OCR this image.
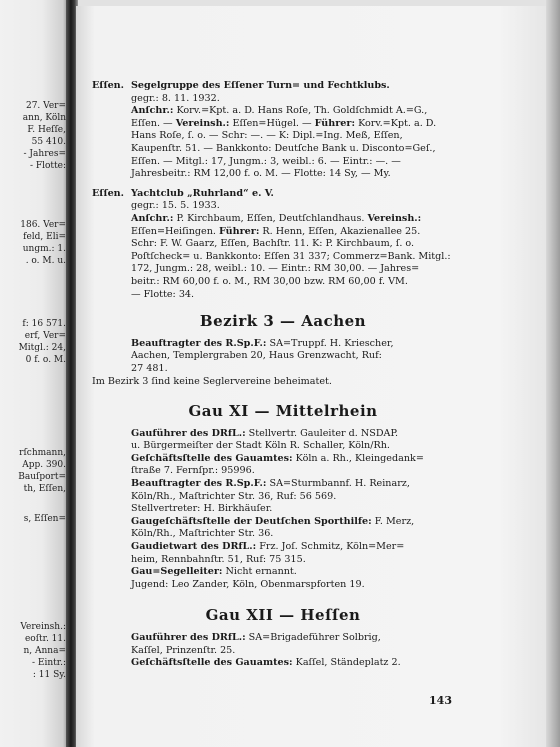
27. Ver=
ann, Köln
F. Heſſe,
55 410.
- Jahres=
- Flotte:
186. Ver=
feld, Eli=
ungm.: 1.
. o. M. u.
f: 16 571.
erf, Ver=
Mitgl.: 24,
0 f. o. M.
rſchmann,
App. 390.
Bauſport=
th, Eſſen,
s, Eſſen=
Vereinsh.:
eoſtr. 11.
n, Anna=
- Eintr.:
: 11 Sy.
Eſſen. Segelgruppe des Eſſener Turn= und Fechtklubs.
gegr.: 8. 11. 1932.
Anſchr.: Korv.=Kpt. a. D. Hans Roſe, Th. Goldſchmidt A.=G.,
Eſſen. — Vereinsh.: Eſſen=Hügel. — Führer: Korv.=Kpt. a. D.
Hans Roſe, ſ. o. — Schr: —. — K: Dipl.=Ing. Meß, Eſſen,
Kaupenſtr. 51. — Bankkonto: Deutſche Bank u. Disconto=Geſ.,
Eſſen. — Mitgl.: 17, Jungm.: 3, weibl.: 6. — Eintr.: —. —
Jahresbeitr.: RM 12,00 f. o. M. — Flotte: 14 Sy, — My.
Eſſen. Yachtclub „Ruhrland“ e. V.
gegr.: 15. 5. 1933.
Anſchr.: P. Kirchbaum, Eſſen, Deutſchlandhaus. Vereinsh.:
Eſſen=Heiſingen. Führer: R. Henn, Eſſen, Akazienallee 25.
Schr: F. W. Gaarz, Eſſen, Bachſtr. 11. K: P. Kirchbaum, ſ. o.
Poſtſcheck= u. Bankkonto: Eſſen 31 337; Commerz=Bank. Mitgl.:
172, Jungm.: 28, weibl.: 10. — Eintr.: RM 30,00. — Jahres=
beitr.: RM 60,00 f. o. M., RM 30,00 bzw. RM 60,00 f. VM.
— Flotte: 34.
Bezirk 3 — Aachen
Beauftragter des R.Sp.F.: SA=Truppf. H. Kriescher,
Aachen, Templergraben 20, Haus Grenzwacht, Ruf:
27 481.
Im Bezirk 3 ſind keine Seglervereine beheimatet.
Gau XI — Mittelrhein
Gauführer des DRfL.: Stellvertr. Gauleiter d. NSDAP.
u. Bürgermeiſter der Stadt Köln R. Schaller, Köln/Rh.
Geſchäftsſtelle des Gauamtes: Köln a. Rh., Kleingedank=
ſtraße 7. Fernſpr.: 95996.
Beauftragter des R.Sp.F.: SA=Sturmbannf. H. Reinarz,
Köln/Rh., Maſtrichter Str. 36, Ruf: 56 569.
Stellvertreter: H. Birkhäuſer.
Gaugeſchäftsſtelle der Deutſchen Sporthilfe: F. Merz,
Köln/Rh., Maſtrichter Str. 36.
Gaudietwart des DRfL.: Frz. Joſ. Schmitz, Köln=Mer=
heim, Rennbahnſtr. 51, Ruf: 75 315.
Gau=Segelleiter: Nicht ernannt.
Jugend: Leo Zander, Köln, Obenmarspforten 19.
Gau XII — Heſſen
Gauführer des DRfL.: SA=Brigadeführer Solbrig,
Kaſſel, Prinzenſtr. 25.
Geſchäftsſtelle des Gauamtes: Kaſſel, Ständeplatz 2.
143
